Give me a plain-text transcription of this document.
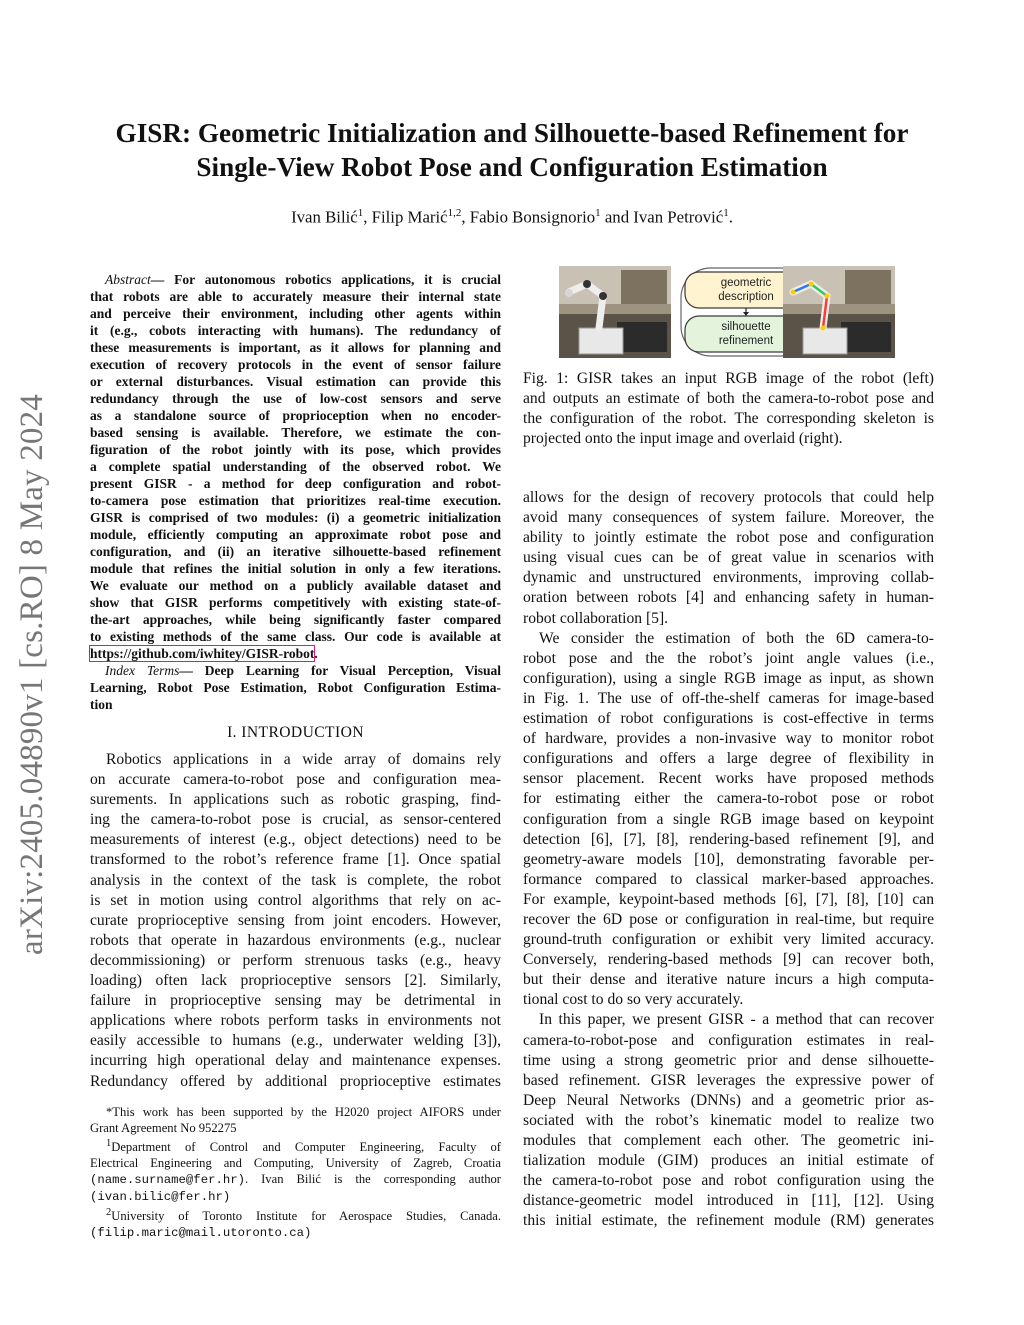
arXiv:2405.04890v1 [cs.RO] 8 May 2024
GISR: Geometric Initialization and Silhouette-based Refinement for
Single-View Robot Pose and Configuration Estimation
Ivan Bilić$^1$, Filip Marić$^{1,2}$, Fabio Bonsignorio$^1$ and Ivan Petrović$^1$.
Abstract— For autonomous robotics applications, it is crucial
that robots are able to accurately measure their internal state
and perceive their environment, including other agents within
it (e.g., cobots interacting with humans). The redundancy of
these measurements is important, as it allows for planning and
execution of recovery protocols in the event of sensor failure
or external disturbances. Visual estimation can provide this
redundancy through the use of low-cost sensors and serve
as a standalone source of proprioception when no encoder-
based sensing is available. Therefore, we estimate the con-
figuration of the robot jointly with its pose, which provides
a complete spatial understanding of the observed robot. We
present GISR - a method for deep configuration and robot-
to-camera pose estimation that prioritizes real-time execution.
GISR is comprised of two modules: (i) a geometric initialization
module, efficiently computing an approximate robot pose and
configuration, and (ii) an iterative silhouette-based refinement
module that refines the initial solution in only a few iterations.
We evaluate our method on a publicly available dataset and
show that GISR performs competitively with existing state-of-
the-art approaches, while being significantly faster compared
to existing methods of the same class. Our code is available at
https://github.com/iwhitey/GISR-robot.
Index Terms— Deep Learning for Visual Perception, Visual
Learning, Robot Pose Estimation, Robot Configuration Estima-
tion
I. INTRODUCTION
Robotics applications in a wide array of domains rely
on accurate camera-to-robot pose and configuration mea-
surements. In applications such as robotic grasping, find-
ing the camera-to-robot pose is crucial, as sensor-centered
measurements of interest (e.g., object detections) need to be
transformed to the robot’s reference frame [1]. Once spatial
analysis in the context of the task is complete, the robot
is set in motion using control algorithms that rely on ac-
curate proprioceptive sensing from joint encoders. However,
robots that operate in hazardous environments (e.g., nuclear
decommissioning) or perform strenuous tasks (e.g., heavy
loading) often lack proprioceptive sensors [2]. Similarly,
failure in proprioceptive sensing may be detrimental in
applications where robots perform tasks in environments not
easily accessible to humans (e.g., underwater welding [3]),
incurring high operational delay and maintenance expenses.
Redundancy offered by additional proprioceptive estimates
*This work has been supported by the H2020 project AIFORS under
Grant Agreement No 952275
$^1$Department of Control and Computer Engineering, Faculty of
Electrical Engineering and Computing, University of Zagreb, Croatia
(name.surname@fer.hr). Ivan Bilić is the corresponding author
(ivan.bilic@fer.hr)
$^2$University of Toronto Institute for Aerospace Studies, Canada.
(filip.maric@mail.utoronto.ca)
geometric
description
silhouette
refinement
Fig. 1: GISR takes an input RGB image of the robot (left)
and outputs an estimate of both the camera-to-robot pose and
the configuration of the robot. The corresponding skeleton is
projected onto the input image and overlaid (right).
allows for the design of recovery protocols that could help
avoid many consequences of system failure. Moreover, the
ability to jointly estimate the robot pose and configuration
using visual cues can be of great value in scenarios with
dynamic and unstructured environments, improving collab-
oration between robots [4] and enhancing safety in human-
robot collaboration [5].
We consider the estimation of both the 6D camera-to-
robot pose and the the robot’s joint angle values (i.e.,
configuration), using a single RGB image as input, as shown
in Fig. 1. The use of off-the-shelf cameras for image-based
estimation of robot configurations is cost-effective in terms
of hardware, provides a non-invasive way to monitor robot
configurations and offers a large degree of flexibility in
sensor placement. Recent works have proposed methods
for estimating either the camera-to-robot pose or robot
configuration from a single RGB image based on keypoint
detection [6], [7], [8], rendering-based refinement [9], and
geometry-aware models [10], demonstrating favorable per-
formance compared to classical marker-based approaches.
For example, keypoint-based methods [6], [7], [8], [10] can
recover the 6D pose or configuration in real-time, but require
ground-truth configuration or exhibit very limited accuracy.
Conversely, rendering-based methods [9] can recover both,
but their dense and iterative nature incurs a high computa-
tional cost to do so very accurately.
In this paper, we present GISR - a method that can recover
camera-to-robot-pose and configuration estimates in real-
time using a strong geometric prior and dense silhouette-
based refinement. GISR leverages the expressive power of
Deep Neural Networks (DNNs) and a geometric prior as-
sociated with the robot’s kinematic model to realize two
modules that complement each other. The geometric ini-
tialization module (GIM) produces an initial estimate of
the camera-to-robot pose and robot configuration using the
distance-geometric model introduced in [11], [12]. Using
this initial estimate, the refinement module (RM) generates
